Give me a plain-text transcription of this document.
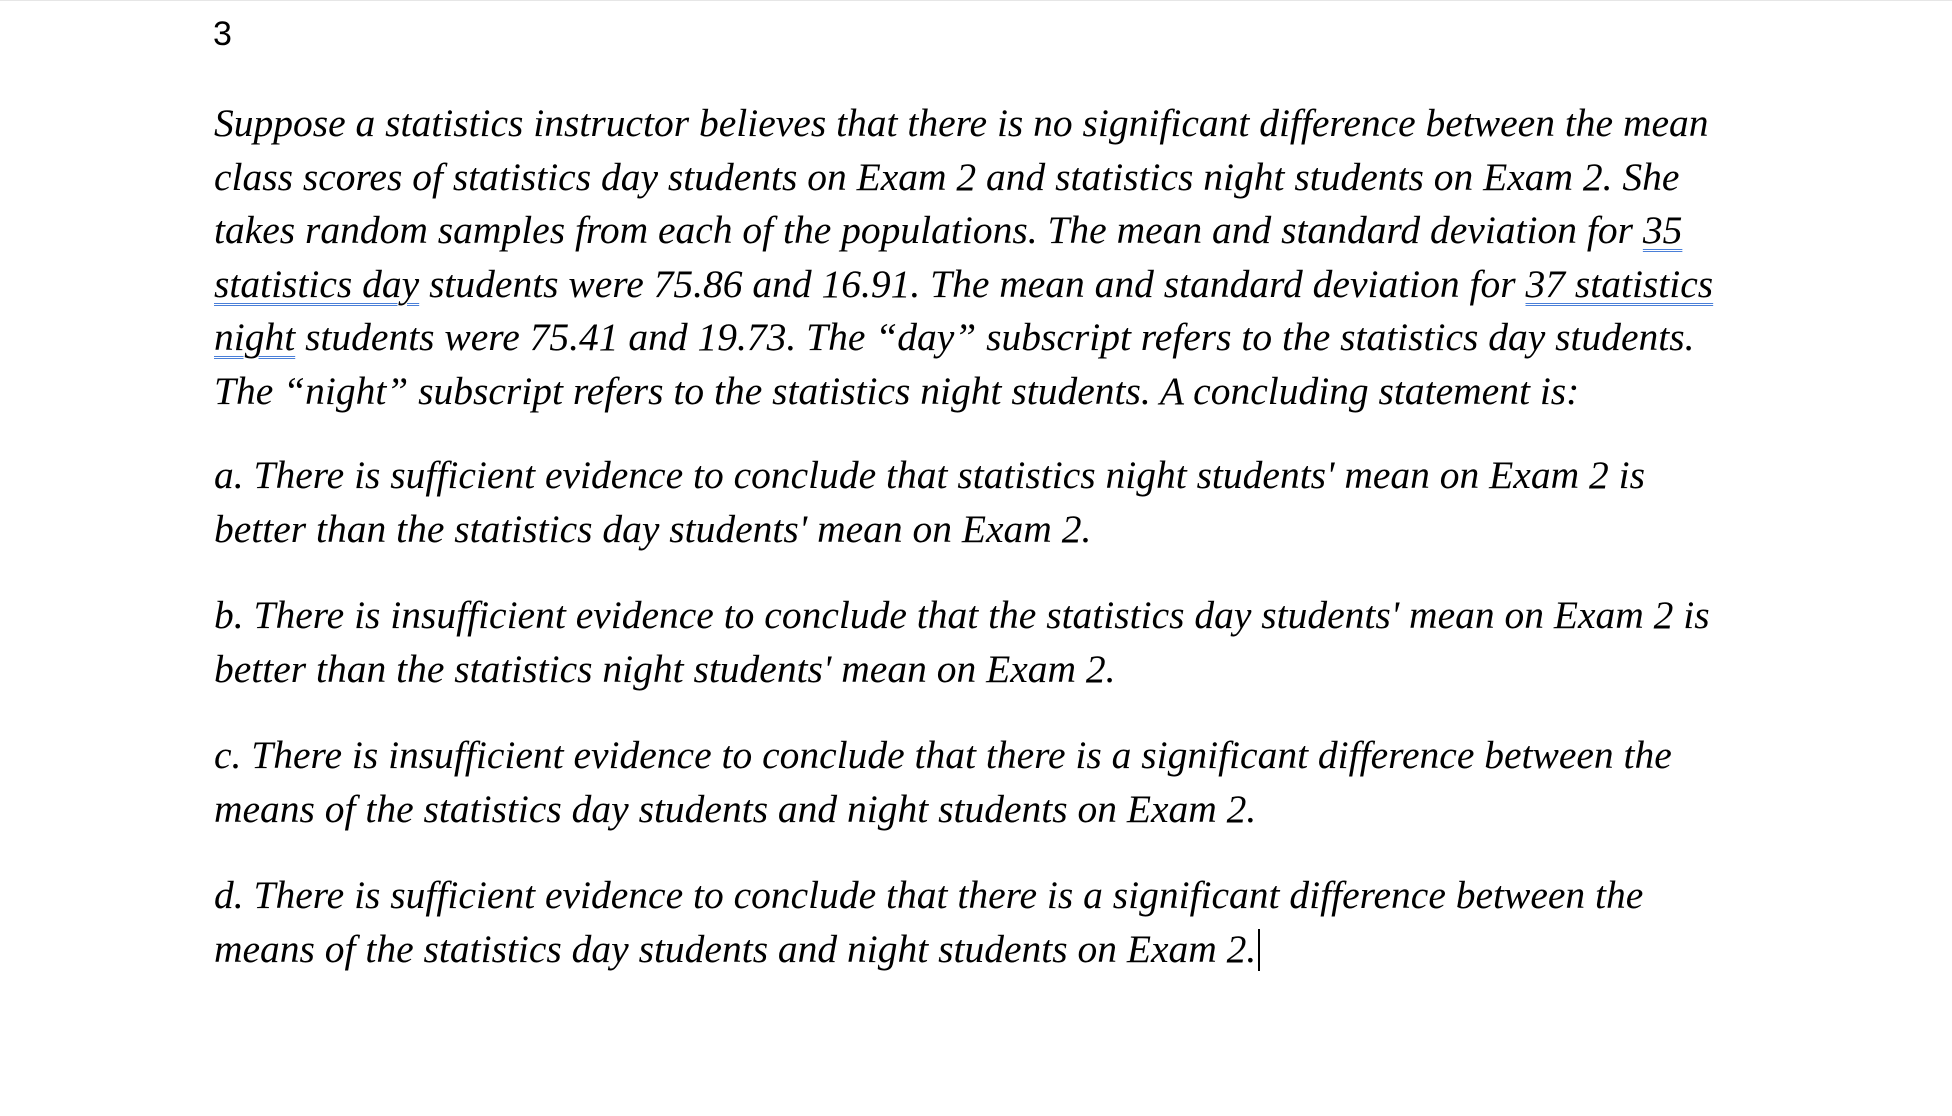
3

Suppose a statistics instructor believes that there is no significant difference between the mean class scores of statistics day students on Exam 2 and statistics night students on Exam 2. She takes random samples from each of the populations. The mean and standard deviation for 35 statistics day students were 75.86 and 16.91. The mean and standard deviation for 37 statistics night students were 75.41 and 19.73. The “day” subscript refers to the statistics day students. The “night” subscript refers to the statistics night students. A concluding statement is:

a. There is sufficient evidence to conclude that statistics night students' mean on Exam 2 is better than the statistics day students' mean on Exam 2.

b. There is insufficient evidence to conclude that the statistics day students' mean on Exam 2 is better than the statistics night students' mean on Exam 2.

c. There is insufficient evidence to conclude that there is a significant difference between the means of the statistics day students and night students on Exam 2.

d. There is sufficient evidence to conclude that there is a significant difference between the means of the statistics day students and night students on Exam 2.
